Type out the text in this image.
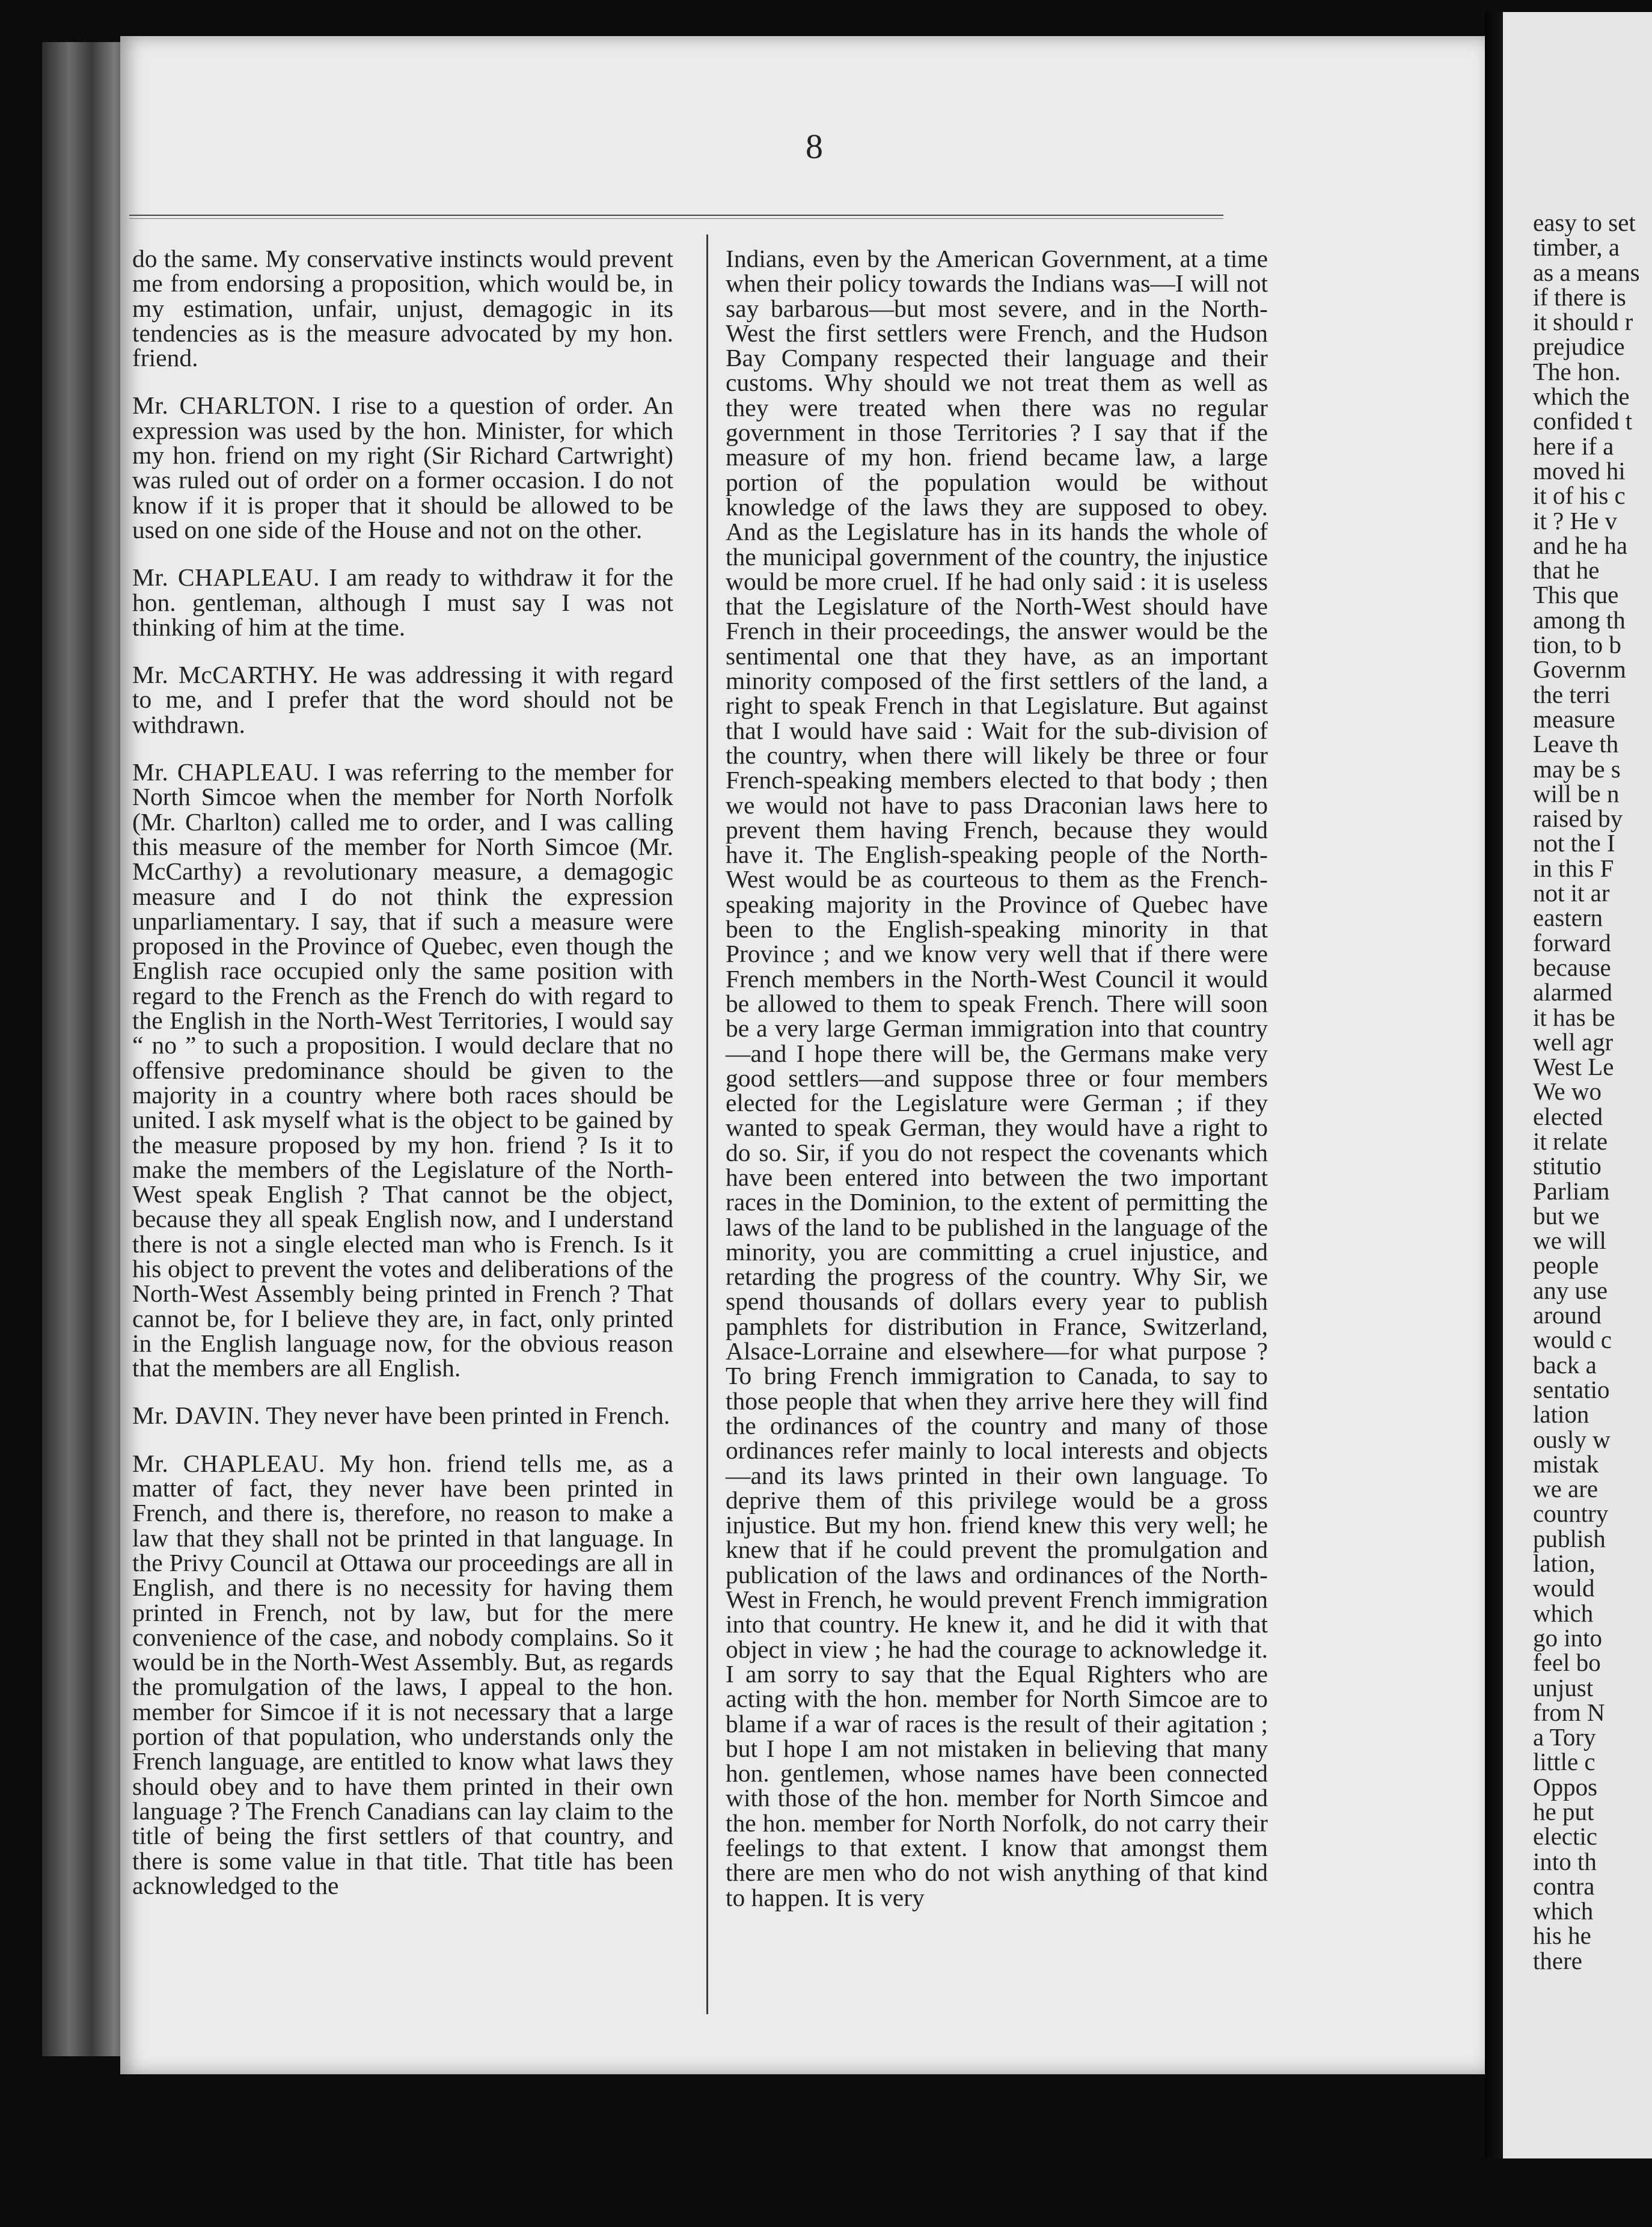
8

do the same. My conservative instincts would prevent me from endorsing a proposition, which would be, in my estimation, unfair, unjust, demagogic in its tendencies as is the measure advocated by my hon. friend.

Mr. CHARLTON. I rise to a question of order. An expression was used by the hon. Minister, for which my hon. friend on my right (Sir Richard Cartwright) was ruled out of order on a former occasion. I do not know if it is proper that it should be allowed to be used on one side of the House and not on the other.

Mr. CHAPLEAU. I am ready to withdraw it for the hon. gentleman, although I must say I was not thinking of him at the time.

Mr. McCARTHY. He was addressing it with regard to me, and I prefer that the word should not be withdrawn.

Mr. CHAPLEAU. I was referring to the member for North Simcoe when the member for North Norfolk (Mr. Charlton) called me to order, and I was calling this measure of the member for North Simcoe (Mr. McCarthy) a revolutionary measure, a demagogic measure and I do not think the expression unparliamentary. I say, that if such a measure were proposed in the Province of Quebec, even though the English race occupied only the same position with regard to the French as the French do with regard to the English in the North-West Territories, I would say “ no ” to such a proposition. I would declare that no offensive predominance should be given to the majority in a country where both races should be united. I ask myself what is the object to be gained by the measure proposed by my hon. friend ? Is it to make the members of the Legislature of the North-West speak English ? That cannot be the object, because they all speak English now, and I understand there is not a single elected man who is French. Is it his object to prevent the votes and deliberations of the North-West Assembly being printed in French ? That cannot be, for I believe they are, in fact, only printed in the English language now, for the obvious reason that the members are all English.

Mr. DAVIN. They never have been printed in French.

Mr. CHAPLEAU. My hon. friend tells me, as a matter of fact, they never have been printed in French, and there is, therefore, no reason to make a law that they shall not be printed in that language. In the Privy Council at Ottawa our proceedings are all in English, and there is no necessity for having them printed in French, not by law, but for the mere convenience of the case, and nobody complains. So it would be in the North-West Assembly. But, as regards the promulgation of the laws, I appeal to the hon. member for Simcoe if it is not necessary that a large portion of that population, who understands only the French language, are entitled to know what laws they should obey and to have them printed in their own language ? The French Canadians can lay claim to the title of being the first settlers of that country, and there is some value in that title. That title has been acknowledged to the

Indians, even by the American Government, at a time when their policy towards the Indians was—I will not say barbarous—but most severe, and in the North-West the first settlers were French, and the Hudson Bay Company respected their language and their customs. Why should we not treat them as well as they were treated when there was no regular government in those Territories ? I say that if the measure of my hon. friend became law, a large portion of the population would be without knowledge of the laws they are supposed to obey. And as the Legislature has in its hands the whole of the municipal government of the country, the injustice would be more cruel. If he had only said : it is useless that the Legislature of the North-West should have French in their proceedings, the answer would be the sentimental one that they have, as an important minority composed of the first settlers of the land, a right to speak French in that Legislature. But against that I would have said : Wait for the sub-division of the country, when there will likely be three or four French-speaking members elected to that body ; then we would not have to pass Draconian laws here to prevent them having French, because they would have it. The English-speaking people of the North-West would be as courteous to them as the French-speaking majority in the Province of Quebec have been to the English-speaking minority in that Province ; and we know very well that if there were French members in the North-West Council it would be allowed to them to speak French. There will soon be a very large German immigration into that country—and I hope there will be, the Germans make very good settlers—and suppose three or four members elected for the Legislature were German ; if they wanted to speak German, they would have a right to do so. Sir, if you do not respect the covenants which have been entered into between the two important races in the Dominion, to the extent of permitting the laws of the land to be published in the language of the minority, you are committing a cruel injustice, and retarding the progress of the country. Why Sir, we spend thousands of dollars every year to publish pamphlets for distribution in France, Switzerland, Alsace-Lorraine and elsewhere—for what purpose ? To bring French immigration to Canada, to say to those people that when they arrive here they will find the ordinances of the country and many of those ordinances refer mainly to local interests and objects—and its laws printed in their own language. To deprive them of this privilege would be a gross injustice. But my hon. friend knew this very well; he knew that if he could prevent the promulgation and publication of the laws and ordinances of the North-West in French, he would prevent French immigration into that country. He knew it, and he did it with that object in view ; he had the courage to acknowledge it. I am sorry to say that the Equal Righters who are acting with the hon. member for North Simcoe are to blame if a war of races is the result of their agitation ; but I hope I am not mistaken in believing that many hon. gentlemen, whose names have been connected with those of the hon. member for North Simcoe and the hon. member for North Norfolk, do not carry their feelings to that extent. I know that amongst them there are men who do not wish anything of that kind to happen. It is very

easy to set
timber, a
as a means
if there is
it should r
prejudice
The hon.
which the
confided t
here if a
moved hi
it of his c
it ? He v
and he ha
that he
This que
among th
tion, to b
Governm
the terri
measure
Leave th
may be s
will be n
raised by
not the I
in this F
not it ar
eastern
forward
because
alarmed
it has be
well agr
West Le
We wo
elected
it relate
stitutio
Parliam
but we
we will
people
any use
around
would c
back a
sentatio
lation
ously w
mistak
we are
country
publish
lation,
would
which
go into
feel bo
unjust
from N
a Tory
little c
Oppos
he put
electic
into th
contra
which
his he
there
